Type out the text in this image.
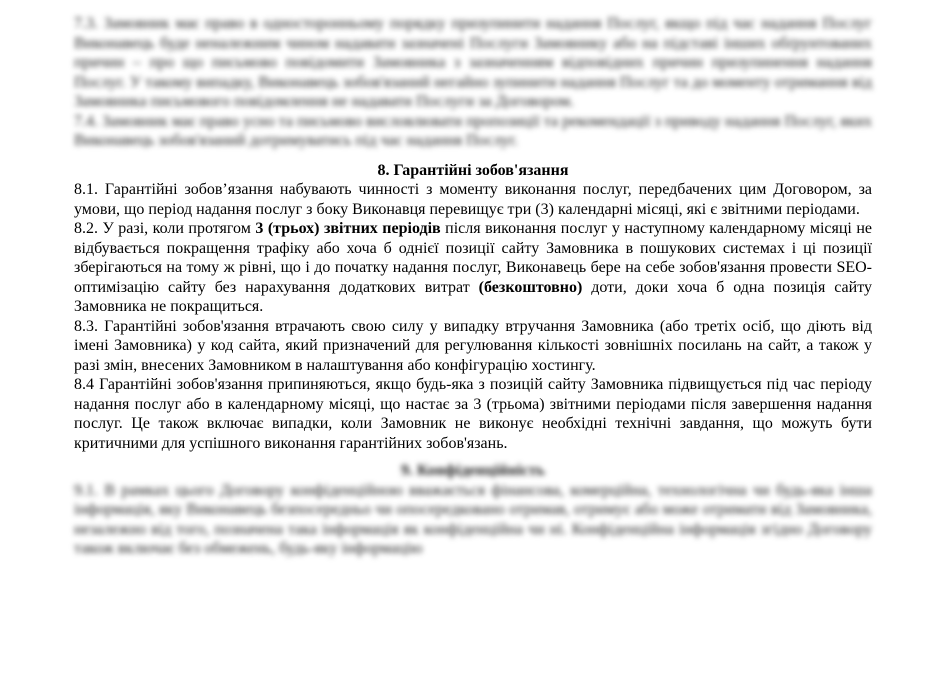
7.3. Замовник має право в односторонньому порядку призупинити надання Послуг, якщо під час надання Послуг Виконавець буде неналежним чином надавати зазначені Послуги Замовнику або на підставі інших обґрунтованих причин – про що письмово повідомити Замовника з зазначенням відповідних причин призупинення надання Послуг. У такому випадку, Виконавець зобов'язаний негайно зупинити надання Послуг та до моменту отримання від Замовника письмового повідомлення не надавати Послуги за Договором.

7.4. Замовник має право усно та письмово висловлювати пропозиції та рекомендації з приводу надання Послуг, яких Виконавець зобов'язаний дотримуватись під час надання Послуг.

8. Гарантійні зобов'язання

8.1. Гарантійні зобов’язання набувають чинності з моменту виконання послуг, передбачених цим Договором, за умови, що період надання послуг з боку Виконавця перевищує три (3) календарні місяці, які є звітними періодами.

8.2. У разі, коли протягом 3 (трьох) звітних періодів після виконання послуг у наступному календарному місяці не відбувається покращення трафіку або хоча б однієї позиції сайту Замовника в пошукових системах і ці позиції зберігаються на тому ж рівні, що і до початку надання послуг, Виконавець бере на себе зобов'язання провести SEO-оптимізацію сайту без нарахування додаткових витрат (безкоштовно) доти, доки хоча б одна позиція сайту Замовника не покращиться.

8.3. Гарантійні зобов'язання втрачають свою силу у випадку втручання Замовника (або третіх осіб, що діють від імені Замовника) у код сайта, який призначений для регулювання кількості зовнішніх посилань на сайт, а також у разі змін, внесених Замовником в налаштування або конфігурацію хостингу.

8.4 Гарантійні зобов'язання припиняються, якщо будь-яка з позицій сайту Замовника підвищується під час періоду надання послуг або в календарному місяці, що настає за 3 (трьома) звітними періодами після завершення надання послуг. Це також включає випадки, коли Замовник не виконує необхідні технічні завдання, що можуть бути критичними для успішного виконання гарантійних зобов'язань.

9. Конфіденційність

9.1. В рамках цього Договору конфіденційною вважається фінансова, комерційна, технологічна чи будь-яка інша інформація, яку Виконавець безпосередньо чи опосередковано отримав, отримує або може отримати від Замовника, незалежно від того, позначена така інформація як конфіденційна чи ні. Конфіденційна інформація згідно Договору також включає без обмежень, будь-яку інформацію
